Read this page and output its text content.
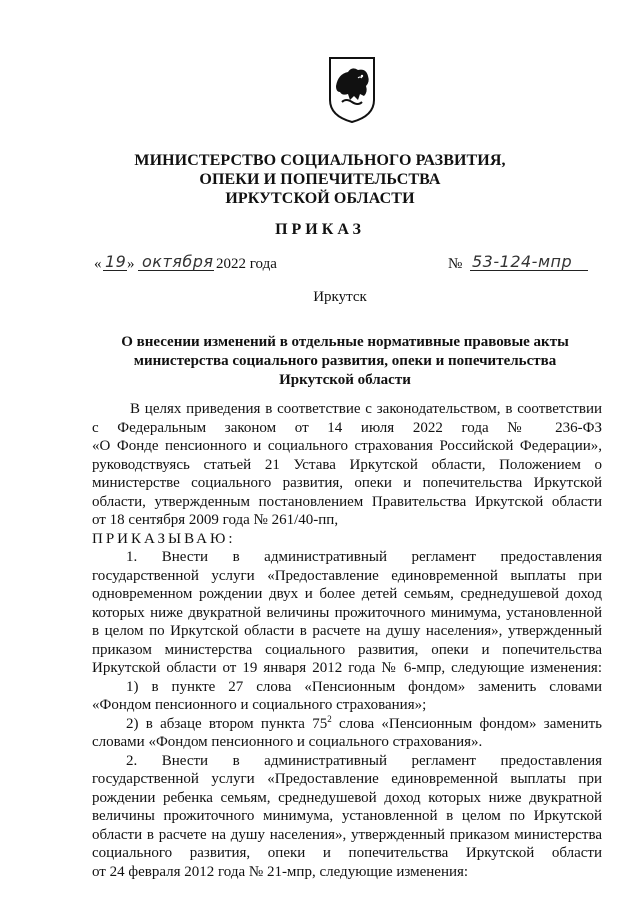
МИНИСТЕРСТВО СОЦИАЛЬНОГО РАЗВИТИЯ,
ОПЕКИ И ПОПЕЧИТЕЛЬСТВА
ИРКУТСКОЙ ОБЛАСТИ
ПРИКАЗ
« 19 » октября 2022 года	№ 53-124-мпр
Иркутск
О внесении изменений в отдельные нормативные правовые акты
министерства социального развития, опеки и попечительства
Иркутской области
В целях приведения в соответствие с законодательством, в соответствии
с Федеральным законом от 14 июля 2022 года № 236-ФЗ
«О Фонде пенсионного и социального страхования Российской Федерации»,
руководствуясь статьей 21 Устава Иркутской области, Положением о
министерстве социального развития, опеки и попечительства Иркутской
области, утвержденным постановлением Правительства Иркутской области
от 18 сентября 2009 года № 261/40-пп,
ПРИКАЗЫВАЮ:
1. Внести в административный регламент предоставления
государственной услуги «Предоставление единовременной выплаты при
одновременном рождении двух и более детей семьям, среднедушевой доход
которых ниже двукратной величины прожиточного минимума, установленной
в целом по Иркутской области в расчете на душу населения», утвержденный
приказом министерства социального развития, опеки и попечительства
Иркутской области от 19 января 2012 года № 6-мпр, следующие изменения:
1) в пункте 27 слова «Пенсионным фондом» заменить словами
«Фондом пенсионного и социального страхования»;
2) в абзаце втором пункта $75^2$ слова «Пенсионным фондом» заменить
словами «Фондом пенсионного и социального страхования».
2. Внести в административный регламент предоставления
государственной услуги «Предоставление единовременной выплаты при
рождении ребенка семьям, среднедушевой доход которых ниже двукратной
величины прожиточного минимума, установленной в целом по Иркутской
области в расчете на душу населения», утвержденный приказом министерства
социального развития, опеки и попечительства Иркутской области
от 24 февраля 2012 года № 21-мпр, следующие изменения:
